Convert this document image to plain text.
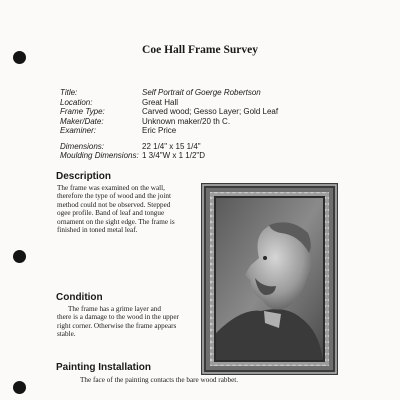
Coe Hall Frame Survey
Title:	Self Portrait of Goerge Robertson
Location:	Great Hall
Frame Type:	Carved wood; Gesso Layer; Gold Leaf
Maker/Date:	Unknown maker/20 th C.
Examiner:	Eric Price
Dimensions:	22 1/4" x 15 1/4"
Moulding Dimensions: 1 3/4"W x 1 1/2"D
Description
The frame was examined on the wall,
therefore the type of wood and the joint
method could not be observed. Stepped
ogee profile. Band of leaf and tongue
ornament on the sight edge. The frame is
finished in toned metal leaf.
Condition
The frame has a grime layer and
there is a damage to the wood in the upper
right corner. Otherwise the frame appears
stable.
Painting Installation
The face of the painting contacts the bare wood rabbet.
